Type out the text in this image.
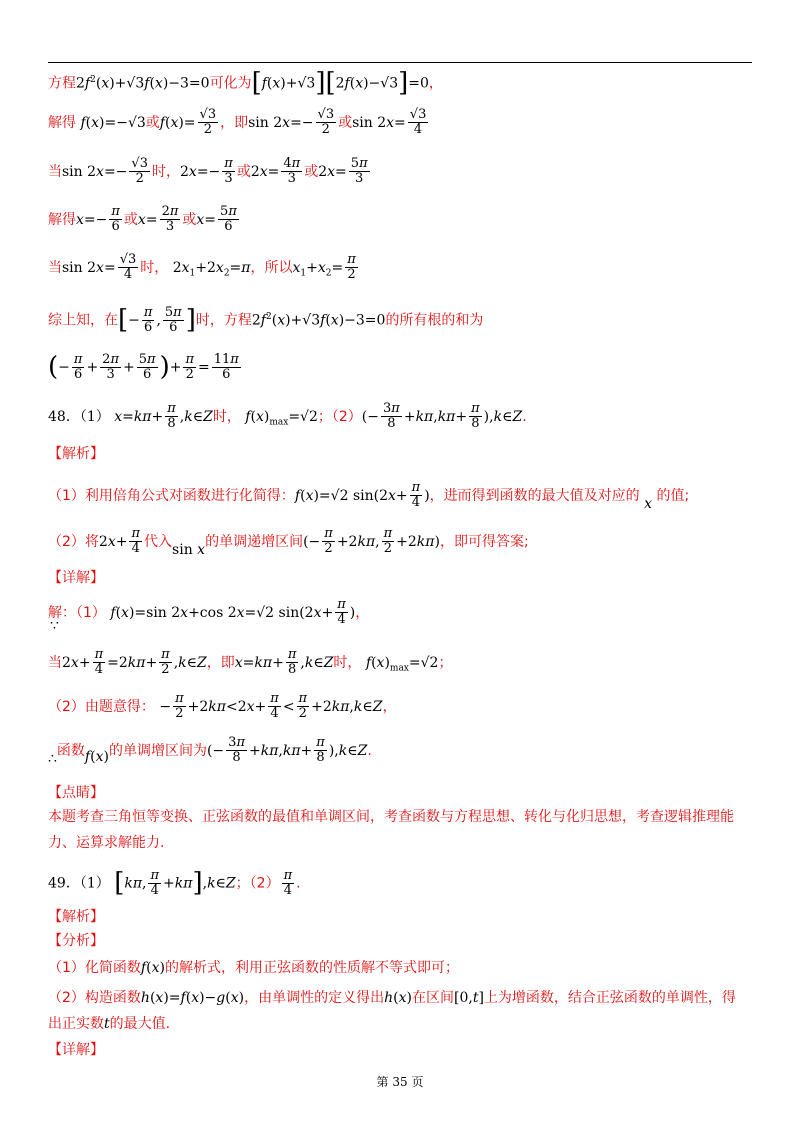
方程$2f^2(x)+√3f(x)-3=0$可化为[f(x)+√3][2f(x)−√3]=0，
解得 f(x)=−√3或$f(x)= \frac{√3}{2}$ ，即$\sin 2x=- \frac{√3}{2}$ 或$\sin 2x= \frac{√3}{4}$
当$\sin 2x=- \frac{√3}{2}$ 时，$2x=- \frac{\pi}{3}$ 或$2x= \frac{4\pi}{3}$ 或$2x= \frac{5\pi}{3}$
解得$x=- \frac{\pi}{6}$ 或$x= \frac{2\pi}{3}$ 或$x= \frac{5\pi}{6}$
当$\sin 2x= \frac{√3}{4}$ 时， $2x_1+2x_2=\pi$，所以$x_1+x_2= \frac{\pi}{2}$
综上知，在[− $\frac{\pi}{6}$ , $\frac{5\pi}{6}$ ]时，方程$2f^2(x)+√3f(x)-3=0$的所有根的和为
(− $\frac{\pi}{6} + \frac{2\pi}{3} + \frac{5\pi}{6}$ )+ $\frac{\pi}{2} = \frac{11\pi}{6}$
48．（1） $x=k\pi+ \frac{\pi}{8}$ ,k∈Z时， $f(x)_{max}=√2$；$(2)(- \frac{3\pi}{8} +k\pi,k\pi+ \frac{\pi}{8}$ ),k∈Z.
【解析】
（1）利用倍角公式对函数进行化简得：f(x)=√2 $\sin(2x+ \frac{\pi}{4}$ )，进而得到函数的最大值及对应的 x 的值;
（2）将$2x+ \frac{\pi}{4}$ 代入sin x的单调递增区间(− $\frac{\pi}{2} +2k\pi$, $\frac{\pi}{2} +2k\pi$)，即可得答案;
【详解】
解：（1） f(x)=sin 2x+cos 2x=√2 $\sin(2x+ \frac{\pi}{4}$ )，
∵
当$2x+ \frac{\pi}{4} =2k\pi+ \frac{\pi}{2}$ ,k∈Z，即$x=k\pi+ \frac{\pi}{8}$ ,k∈Z时， $f(x)_{max}=√2$；
（2）由题意得： − $\frac{\pi}{2} +2k\pi<2x+ \frac{\pi}{4} < \frac{\pi}{2}$ +2kπ,k∈Z，
∴函数f(x)的单调增区间为(− $\frac{3\pi}{8} +k\pi,k\pi+ \frac{\pi}{8}$ ),k∈Z.
【点睛】
本题考查三角恒等变换、正弦函数的最值和单调区间，考查函数与方程思想、转化与化归思想，考查逻辑推理能力、运算求解能力.
49．（1） [kπ, $\frac{\pi}{4}$ +kπ],k∈Z；$(2) \frac{\pi}{4}$ .
【解析】
【分析】
（1）化简函数f(x)的解析式，利用正弦函数的性质解不等式即可；
（2）构造函数h(x)=f(x)−g(x)，由单调性的定义得出h(x)在区间[0,t]上为增函数，结合正弦函数的单调性，得
出正实数t的最大值.
【详解】
第 35 页
